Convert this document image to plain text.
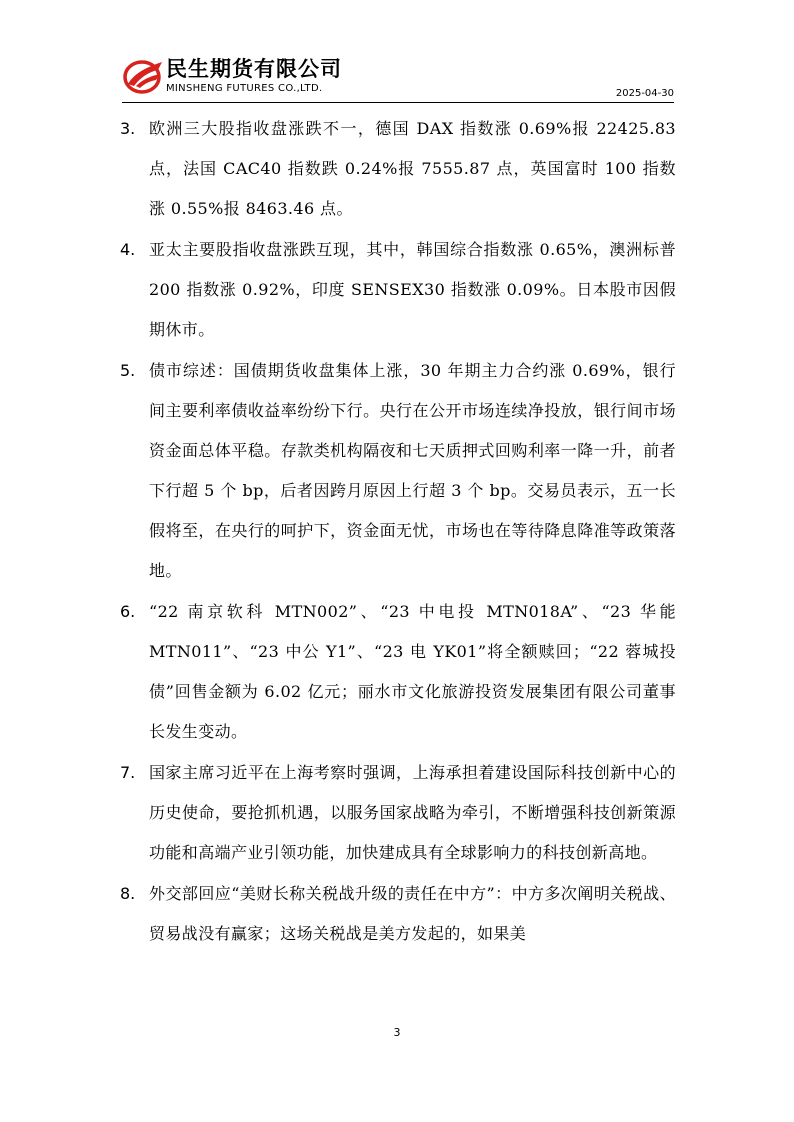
民生期货有限公司
MINSHENG FUTURES CO.,LTD.	2025-04-30
3. 欧洲三大股指收盘涨跌不一，德国 DAX 指数涨 0.69%报 22425.83 点，法国 CAC40 指数跌 0.24%报 7555.87 点，英国富时 100 指数涨 0.55%报 8463.46 点。
4. 亚太主要股指收盘涨跌互现，其中，韩国综合指数涨 0.65%，澳洲标普 200 指数涨 0.92%，印度 SENSEX30 指数涨 0.09%。日本股市因假期休市。
5. 债市综述：国债期货收盘集体上涨，30 年期主力合约涨 0.69%，银行间主要利率债收益率纷纷下行。央行在公开市场连续净投放，银行间市场资金面总体平稳。存款类机构隔夜和七天质押式回购利率一降一升，前者下行超 5 个 bp，后者因跨月原因上行超 3 个 bp。交易员表示，五一长假将至，在央行的呵护下，资金面无忧，市场也在等待降息降准等政策落地。
6. “22 南京软科 MTN002”、“23 中电投 MTN018A”、“23 华能 MTN011”、“23 中公 Y1”、“23 电 YK01”将全额赎回；“22 蓉城投债”回售金额为 6.02 亿元；丽水市文化旅游投资发展集团有限公司董事长发生变动。
7. 国家主席习近平在上海考察时强调，上海承担着建设国际科技创新中心的历史使命，要抢抓机遇，以服务国家战略为牵引，不断增强科技创新策源功能和高端产业引领功能，加快建成具有全球影响力的科技创新高地。
8. 外交部回应“美财长称关税战升级的责任在中方”：中方多次阐明关税战、贸易战没有赢家；这场关税战是美方发起的，如果美
3
